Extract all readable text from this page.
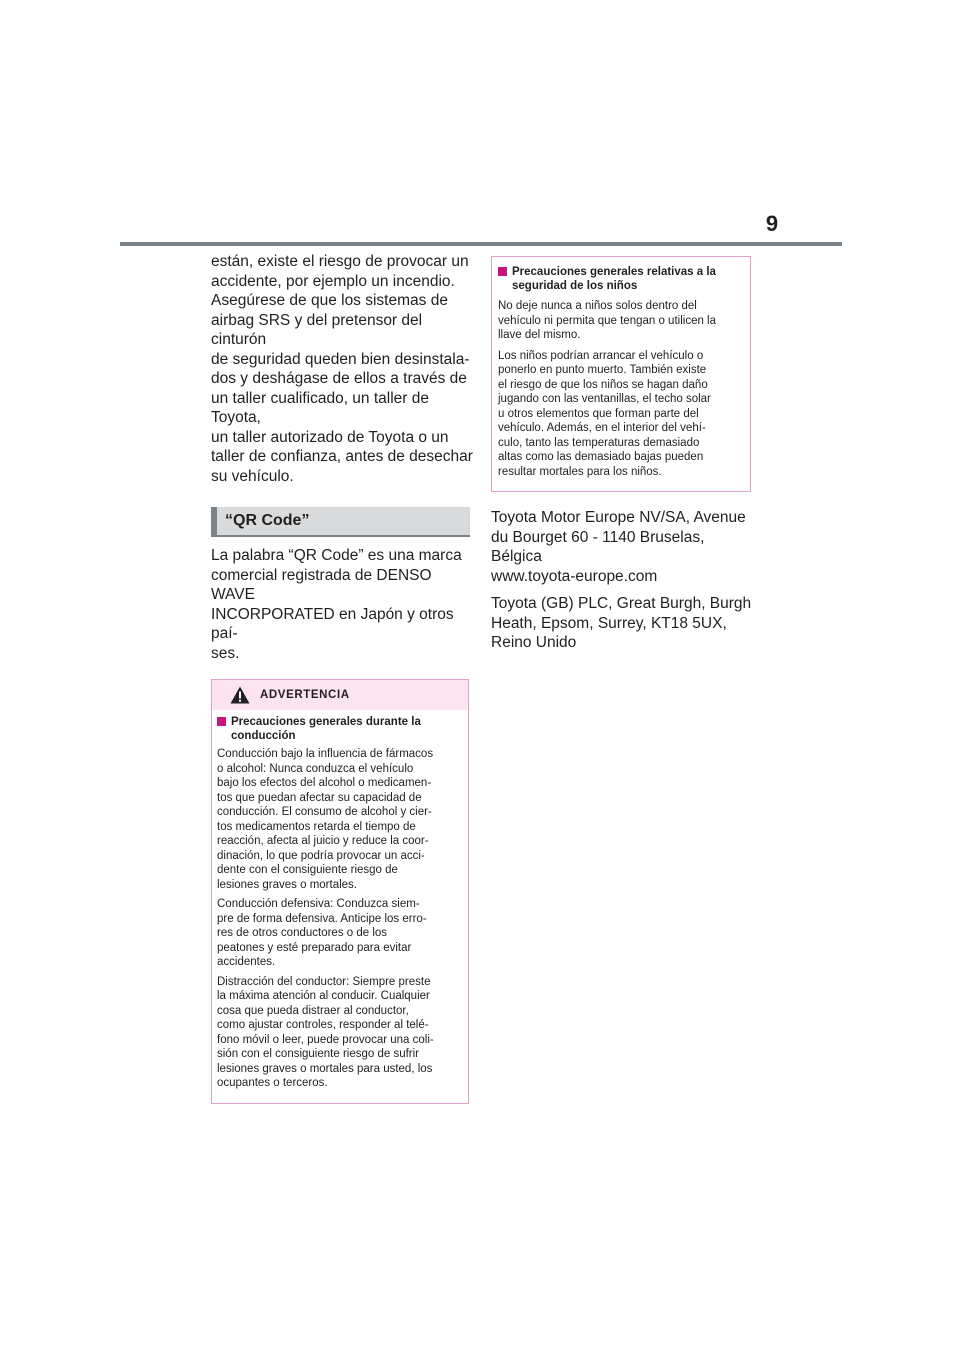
9

están, existe el riesgo de provocar un
accidente, por ejemplo un incendio.
Asegúrese de que los sistemas de
airbag SRS y del pretensor del cinturón
de seguridad queden bien desinstala-
dos y deshágase de ellos a través de
un taller cualificado, un taller de Toyota,
un taller autorizado de Toyota o un
taller de confianza, antes de desechar
su vehículo.

“QR Code”

La palabra “QR Code” es una marca
comercial registrada de DENSO WAVE
INCORPORATED en Japón y otros paí-
ses.

ADVERTENCIA
Precauciones generales durante la
conducción

Conducción bajo la influencia de fármacos
o alcohol: Nunca conduzca el vehículo
bajo los efectos del alcohol o medicamen-
tos que puedan afectar su capacidad de
conducción. El consumo de alcohol y cier-
tos medicamentos retarda el tiempo de
reacción, afecta al juicio y reduce la coor-
dinación, lo que podría provocar un acci-
dente con el consiguiente riesgo de
lesiones graves o mortales.

Conducción defensiva: Conduzca siem-
pre de forma defensiva. Anticipe los erro-
res de otros conductores o de los
peatones y esté preparado para evitar
accidentes.

Distracción del conductor: Siempre preste
la máxima atención al conducir. Cualquier
cosa que pueda distraer al conductor,
como ajustar controles, responder al telé-
fono móvil o leer, puede provocar una coli-
sión con el consiguiente riesgo de sufrir
lesiones graves o mortales para usted, los
ocupantes o terceros.

Precauciones generales relativas a la
seguridad de los niños

No deje nunca a niños solos dentro del
vehículo ni permita que tengan o utilicen la
llave del mismo.

Los niños podrían arrancar el vehículo o
ponerlo en punto muerto. También existe
el riesgo de que los niños se hagan daño
jugando con las ventanillas, el techo solar
u otros elementos que forman parte del
vehículo. Además, en el interior del vehí-
culo, tanto las temperaturas demasiado
altas como las demasiado bajas pueden
resultar mortales para los niños.

Toyota Motor Europe NV/SA, Avenue
du Bourget 60 - 1140 Bruselas, Bélgica
www.toyota-europe.com

Toyota (GB) PLC, Great Burgh, Burgh
Heath, Epsom, Surrey, KT18 5UX,
Reino Unido
